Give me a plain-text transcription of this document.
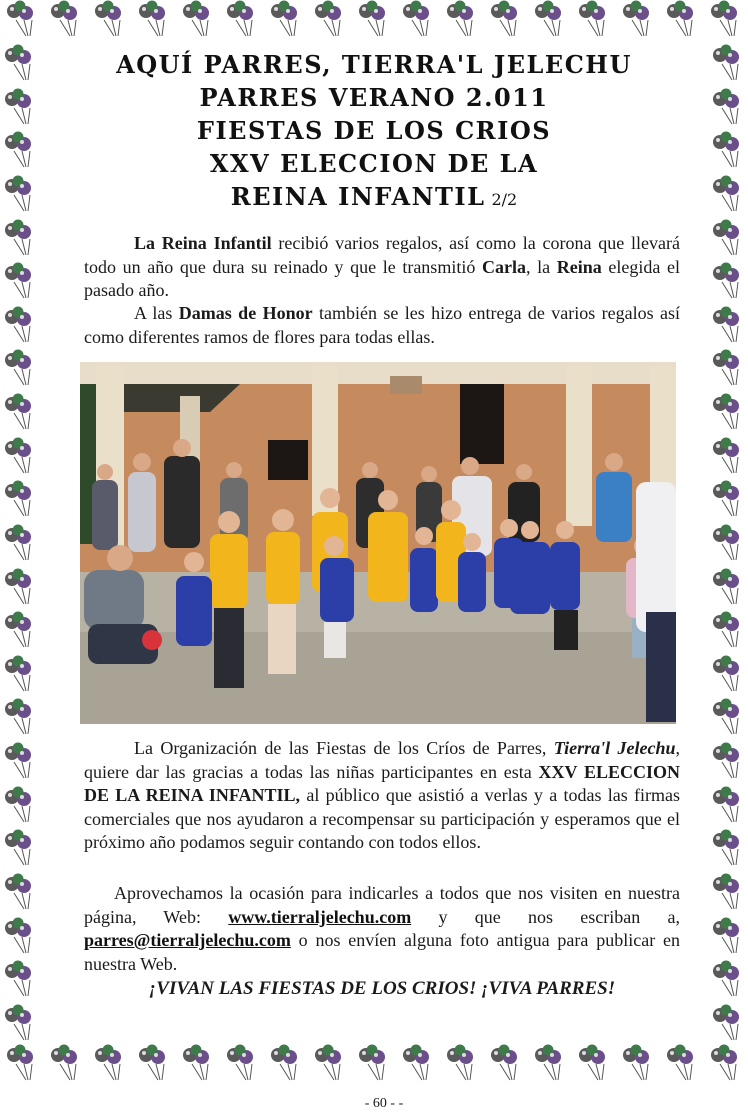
AQUÍ PARRES, TIERRA'L JELECHU
PARRES VERANO 2.011
FIESTAS DE LOS CRIOS
XXV ELECCION DE LA
REINA INFANTIL 2/2
La Reina Infantil recibió varios regalos, así como la corona que llevará todo un año que dura su reinado y que le transmitió Carla, la Reina elegida el pasado año.
A las Damas de Honor también se les hizo entrega de varios regalos así como diferentes ramos de flores para todas ellas.
La Organización de las Fiestas de los Críos de Parres, Tierra'l Jelechu, quiere dar las gracias a todas las niñas participantes en esta XXV ELECCION DE LA REINA INFANTIL, al público que asistió a verlas y a todas las firmas comerciales que nos ayudaron a recompensar su participación y esperamos que el próximo año podamos seguir contando con todos ellos.
Aprovechamos la ocasión para indicarles a todos que nos visiten en nuestra página, Web: www.tierraljelechu.com y que nos escriban a, parres@tierraljelechu.com o nos envíen alguna foto antigua para publicar en nuestra Web.
¡VIVAN LAS FIESTAS DE LOS CRIOS! ¡VIVA PARRES!
- 60 - -
